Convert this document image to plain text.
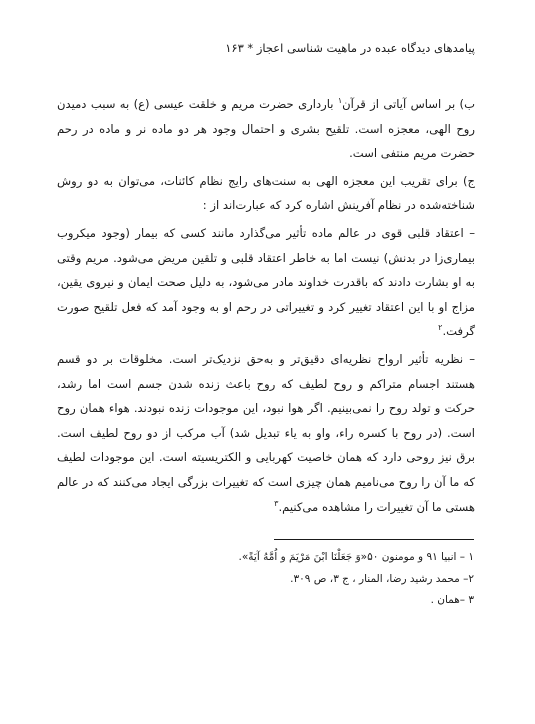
پیامدهای دیدگاه عبده در ماهیت شناسی اعجاز * ۱۶۳

ب) بر اساس آیاتی از قرآن$^۱$ بارداری حضرت مریم و خلقت عیسی (ع) به سبب دمیدن روح الهی، معجزه است. تلقیح بشری و احتمال وجود هر دو ماده نر و ماده در رحم حضرت مریم منتفی است.

ج) برای تقریب این معجزه الهی به سنت‌های رایج نظام کائنات، می‌توان به دو روش شناخته‌شده در نظام آفرینش اشاره کرد که عبارت‌اند از :

– اعتقاد قلبی قوی در عالم ماده تأثیر می‌گذارد مانند کسی که بیمار (وجود میکروب بیماری‌زا در بدنش) نیست اما به خاطر اعتقاد قلبی و تلقین مریض می‌شود. مریم وقتی به او بشارت دادند که باقدرت خداوند مادر می‌شود، به دلیل صحت ایمان و نیروی یقین، مزاج او با این اعتقاد تغییر کرد و تغییراتی در رحم او به وجود آمد که فعل تلقیح صورت گرفت.$^۲$

– نظریه تأثیر ارواح نظریه‌ای دقیق‌تر و به‌حق نزدیک‌تر است. مخلوقات بر دو قسم هستند اجسام متراکم و روح لطیف که روح باعث زنده شدن جسم است اما رشد، حرکت و تولد روح را نمی‌بینیم. اگر هوا نبود، این موجودات زنده نبودند. هواء همان روح است. (در روح با کسره راء، واو به یاء تبدیل شد) آب مرکب از دو روح لطیف است. برق نیز روحی دارد که همان خاصیت کهربایی و الکتریسیته است. این موجودات لطیف که ما آن را روح می‌نامیم همان چیزی است که تغییرات بزرگی ایجاد می‌کنند که در عالم هستی ما آن تغییرات را مشاهده می‌کنیم.$^۳$

۱ – انبیا ۹۱ و مومنون ۵۰«وَ جَعَلْنَا ابْنَ مَرْيَمَ و اُمَّهُ آيَةً».

۲– محمد رشید رضا، المنار ، ج ۳، ص ۳۰۹.

۳ –همان .
